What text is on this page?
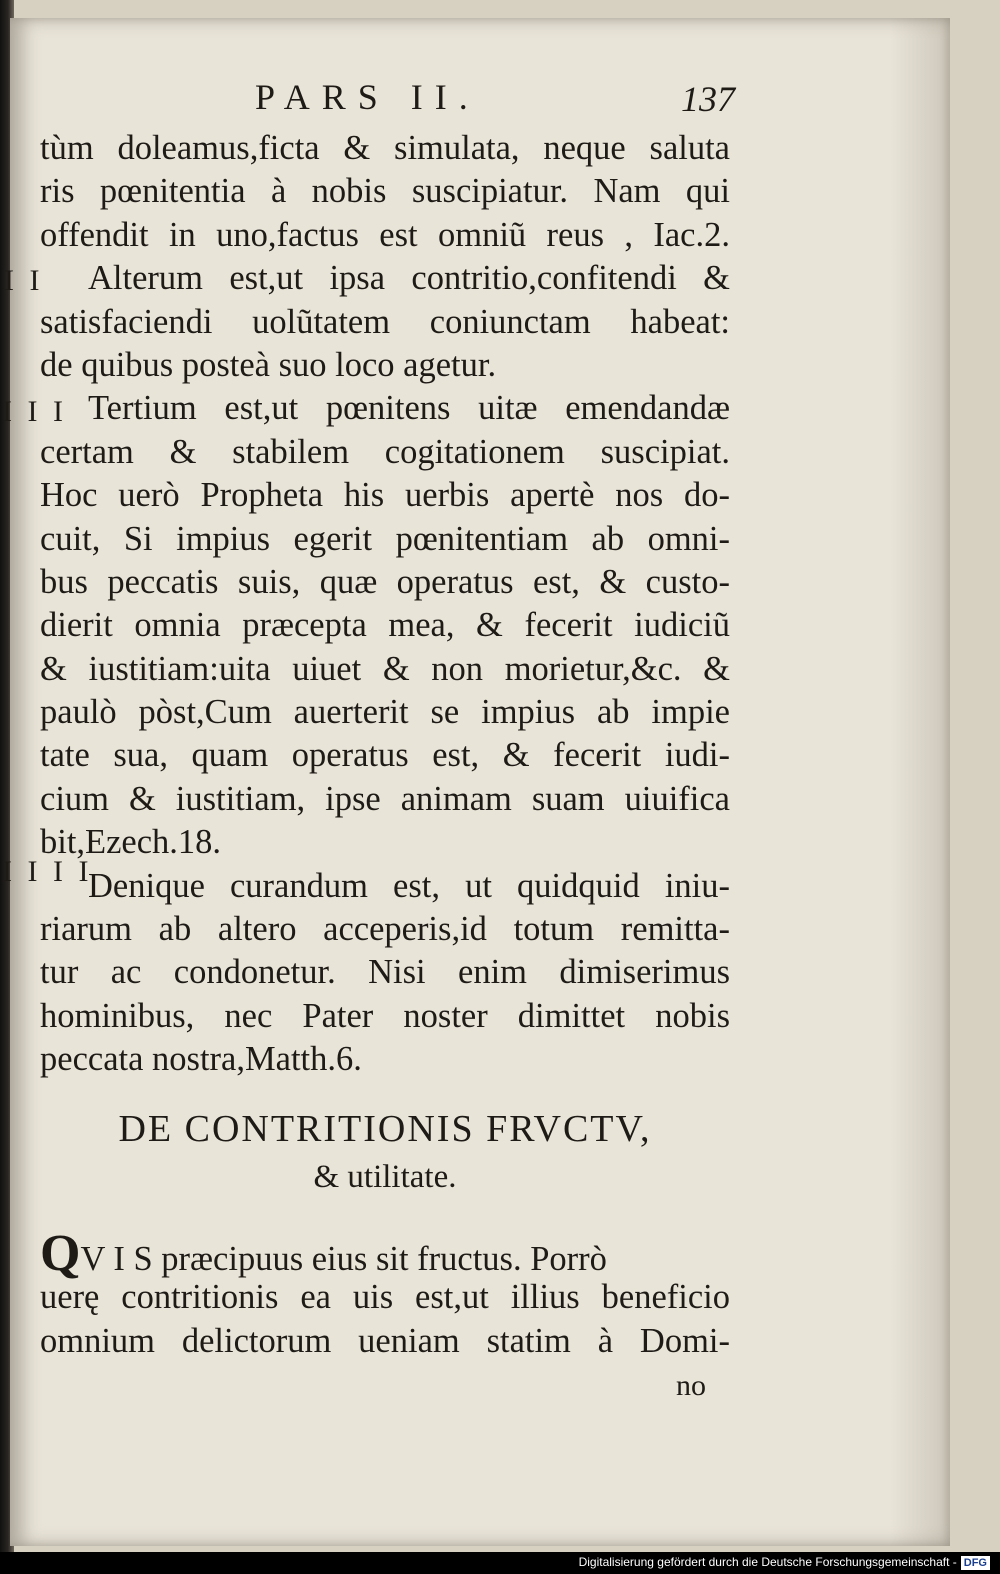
PARS II.	137
I I
I I I
I I I I
tùm doleamus,ficta & simulata, neque saluta
ris pœnitentia à nobis suscipiatur. Nam qui
offendit in uno,factus est omniũ reus , Iac.2.
Alterum est,ut ipsa contritio,confitendi &
satisfaciendi uolũtatem coniunctam habeat:
de quibus posteà suo loco agetur.
Tertium est,ut pœnitens uitæ emendandæ
certam & stabilem cogitationem suscipiat.
Hoc uerò Propheta his uerbis apertè nos do-
cuit, Si impius egerit pœnitentiam ab omni-
bus peccatis suis, quæ operatus est, & custo-
dierit omnia præcepta mea, & fecerit iudiciũ
& iustitiam:uita uiuet & non morietur,&c. &
paulò pòst,Cum auerterit se impius ab impie
tate sua, quam operatus est, & fecerit iudi-
cium & iustitiam, ipse animam suam uiuifica
bit,Ezech.18.
Denique curandum est, ut quidquid iniu-
riarum ab altero acceperis,id totum remitta-
tur ac condonetur. Nisi enim dimiserimus
hominibus, nec Pater noster dimittet nobis
peccata nostra,Matth.6.
DE CONTRITIONIS FRVCTV,
& utilitate.
QV I S præcipuus eius sit fructus. Porrò
uerę contritionis ea uis est,ut illius beneficio
omnium delictorum ueniam statim à Domi-
no
Digitalisierung gefördert durch die Deutsche Forschungsgemeinschaft - DFG
